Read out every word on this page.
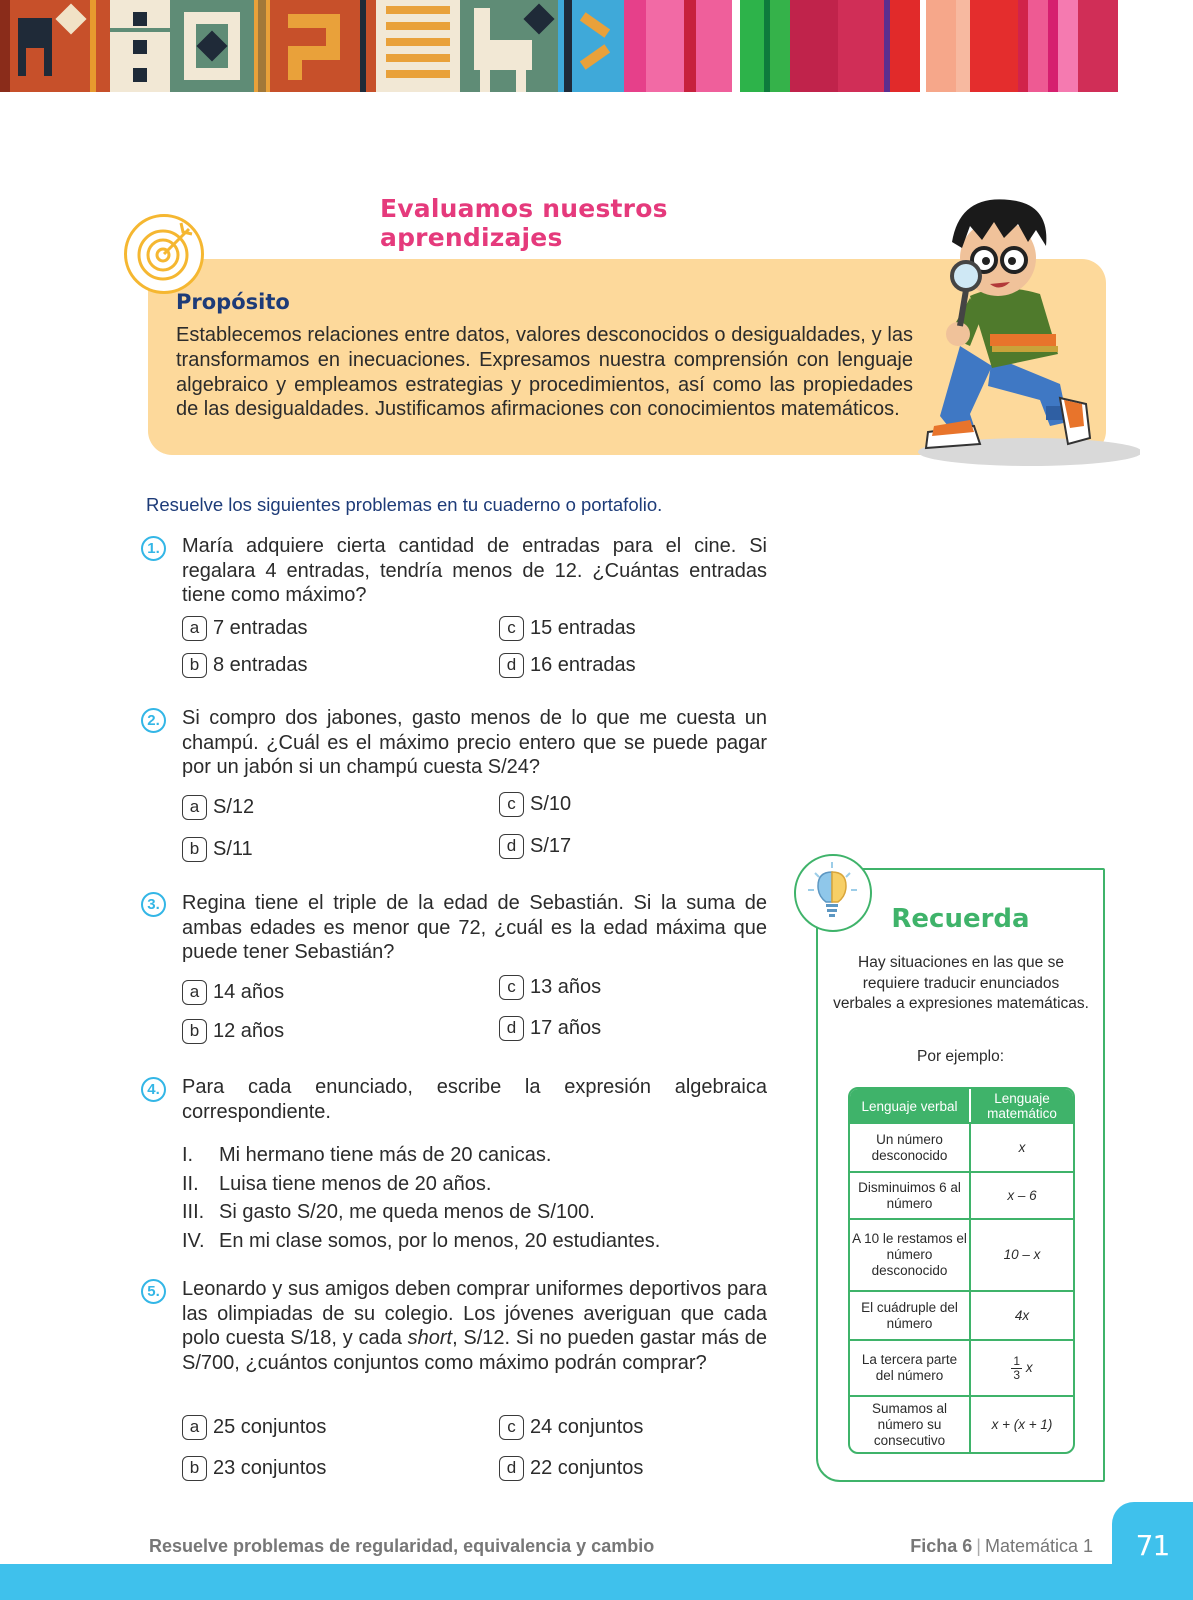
Evaluamos nuestros aprendizajes
Propósito
Establecemos relaciones entre datos, valores desconocidos o desigualdades, y las transformamos en inecuaciones. Expresamos nuestra comprensión con lenguaje algebraico y empleamos estrategias y procedimientos, así como las propiedades de las desigualdades. Justificamos afirmaciones con conocimientos matemáticos.
Resuelve los siguientes problemas en tu cuaderno o portafolio.
1.	María adquiere cierta cantidad de entradas para el cine. Si regalara 4 entradas, tendría menos de 12. ¿Cuántas entradas tiene como máximo?
a 7 entradas
b 8 entradas
c 15 entradas
d 16 entradas
2.	Si compro dos jabones, gasto menos de lo que me cuesta un champú. ¿Cuál es el máximo precio entero que se puede pagar por un jabón si un champú cuesta S/24?
a S/12
b S/11
c S/10
d S/17
3.	Regina tiene el triple de la edad de Sebastián. Si la suma de ambas edades es menor que 72, ¿cuál es la edad máxima que puede tener Sebastián?
a 14 años
b 12 años
c 13 años
d 17 años
4.	Para cada enunciado, escribe la expresión algebraica correspondiente.
I. Mi hermano tiene más de 20 canicas.
II. Luisa tiene menos de 20 años.
III. Si gasto S/20, me queda menos de S/100.
IV. En mi clase somos, por lo menos, 20 estudiantes.
5.	Leonardo y sus amigos deben comprar uniformes deportivos para las olimpiadas de su colegio. Los jóvenes averiguan que cada polo cuesta S/18, y cada short, S/12. Si no pueden gastar más de S/700, ¿cuántos conjuntos como máximo podrán comprar?
a 25 conjuntos
b 23 conjuntos
c 24 conjuntos
d 22 conjuntos
Recuerda
Hay situaciones en las que se requiere traducir enunciados verbales a expresiones matemáticas.
Por ejemplo:
Lenguaje verbal	Lenguaje matemático
Un número desconocido	x
Disminuimos 6 al número	x – 6
A 10 le restamos el número desconocido	10 – x
El cuádruple del número	4x
La tercera parte del número	$\frac{1}{3}$ x
Sumamos al número su consecutivo	x + (x + 1)
71
Resuelve problemas de regularidad, equivalencia y cambio	Ficha 6 | Matemática 1
